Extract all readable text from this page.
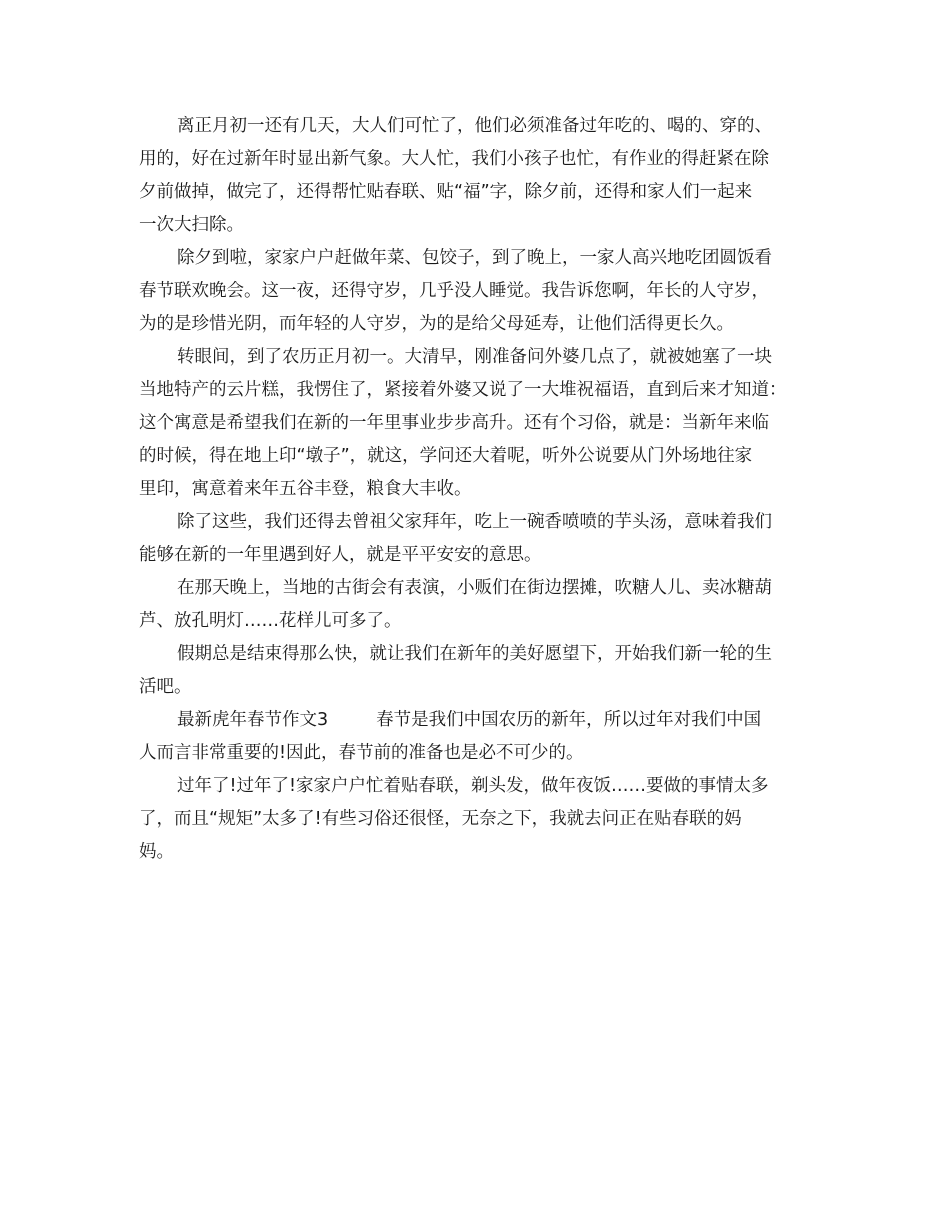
离正月初一还有几天，大人们可忙了，他们必须准备过年吃的、喝的、穿的、
用的，好在过新年时显出新气象。大人忙，我们小孩子也忙，有作业的得赶紧在除
夕前做掉，做完了，还得帮忙贴春联、贴“福”字，除夕前，还得和家人们一起来
一次大扫除。

除夕到啦，家家户户赶做年菜、包饺子，到了晚上，一家人高兴地吃团圆饭看
春节联欢晚会。这一夜，还得守岁，几乎没人睡觉。我告诉您啊，年长的人守岁，
为的是珍惜光阴，而年轻的人守岁，为的是给父母延寿，让他们活得更长久。

转眼间，到了农历正月初一。大清早，刚准备问外婆几点了，就被她塞了一块
当地特产的云片糕，我愣住了，紧接着外婆又说了一大堆祝福语，直到后来才知道：
这个寓意是希望我们在新的一年里事业步步高升。还有个习俗，就是：当新年来临
的时候，得在地上印“墩子”，就这，学问还大着呢，听外公说要从门外场地往家
里印，寓意着来年五谷丰登，粮食大丰收。

除了这些，我们还得去曾祖父家拜年，吃上一碗香喷喷的芋头汤，意味着我们
能够在新的一年里遇到好人，就是平平安安的意思。

在那天晚上，当地的古街会有表演，小贩们在街边摆摊，吹糖人儿、卖冰糖葫
芦、放孔明灯……花样儿可多了。

假期总是结束得那么快，就让我们在新年的美好愿望下，开始我们新一轮的生
活吧。

最新虎年春节作文3	春节是我们中国农历的新年，所以过年对我们中国
人而言非常重要的!因此，春节前的准备也是必不可少的。

过年了!过年了!家家户户忙着贴春联，剃头发，做年夜饭……要做的事情太多
了，而且“规矩”太多了!有些习俗还很怪，无奈之下，我就去问正在贴春联的妈
妈。
